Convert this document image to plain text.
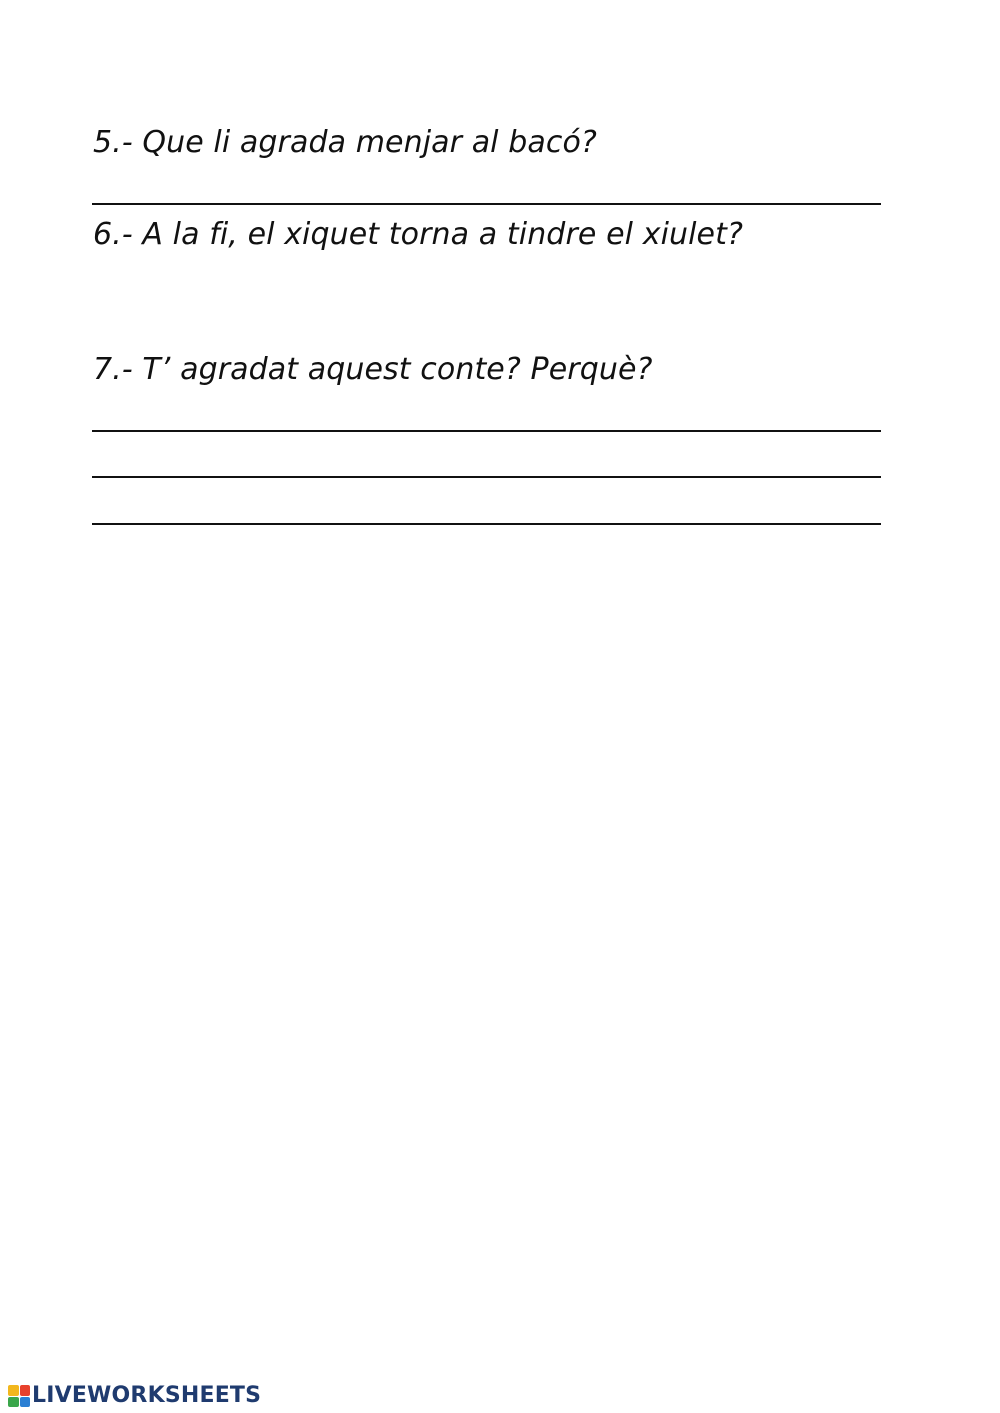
5.- Que li agrada menjar al bacó?
6.- A la fi, el xiquet torna a tindre el xiulet?
7.- T’ agradat aquest conte? Perquè?
LIVEWORKSHEETS
